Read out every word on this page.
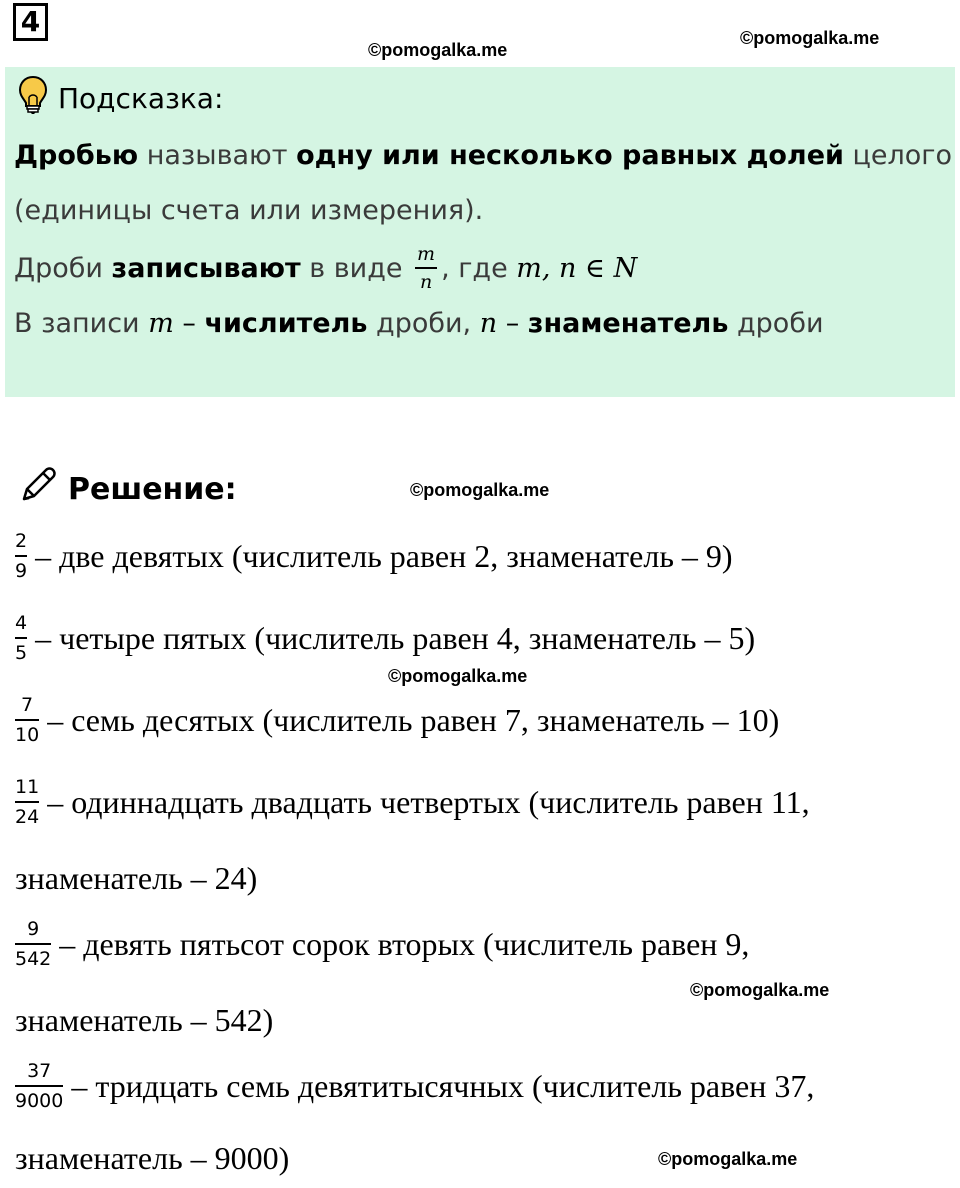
4
©pomogalka.me
©pomogalka.me
Подсказка:
Дробью называют одну или несколько равных долей целого
(единицы счета или измерения).
Дроби записывают в виде $\frac{m}{n}$ , где m, n ∈ N
В записи m – числитель дроби, n – знаменатель дроби
Решение:	©pomogalka.me
$\frac{2}{9}$ – две девятых (числитель равен 2, знаменатель – 9)
$\frac{4}{5}$ – четыре пятых (числитель равен 4, знаменатель – 5)
©pomogalka.me
$\frac{7}{10}$ – семь десятых (числитель равен 7, знаменатель – 10)
$\frac{11}{24}$ – одиннадцать двадцать четвертых (числитель равен 11,
знаменатель – 24)
$\frac{9}{542}$ – девять пятьсот сорок вторых (числитель равен 9,
©pomogalka.me
знаменатель – 542)
$\frac{37}{9000}$ – тридцать семь девятитысячных (числитель равен 37,
знаменатель – 9000)	©pomogalka.me
